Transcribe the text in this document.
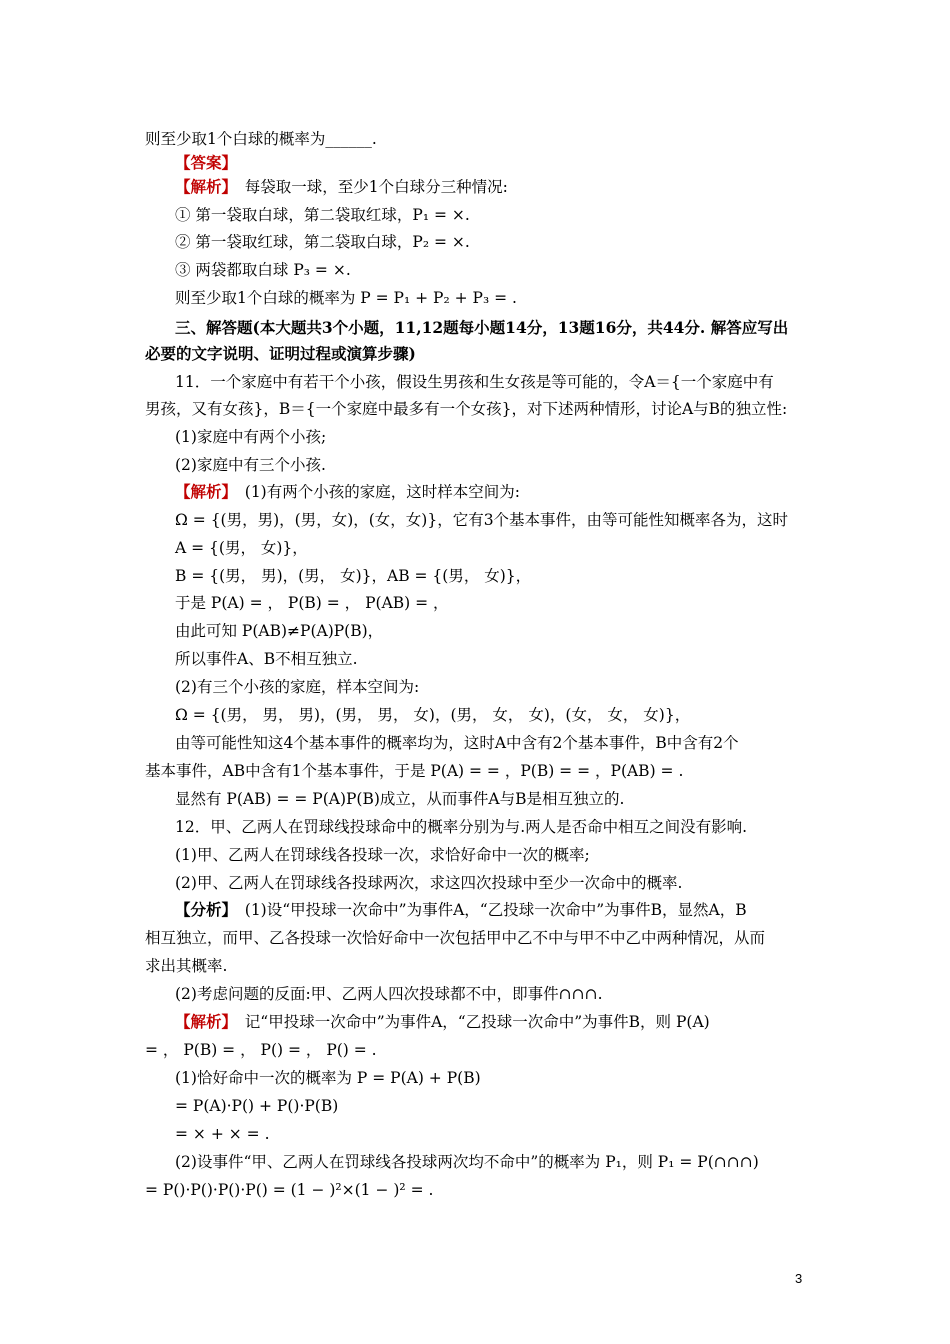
则至少取1个白球的概率为______.
【答案】
【解析】　每袋取一球，至少1个白球分三种情况:
① 第一袋取白球，第二袋取红球，P₁ = ×.
② 第一袋取红球，第二袋取白球，P₂ = ×.
③ 两袋都取白球 P₃ = ×.
则至少取1个白球的概率为 P = P₁ + P₂ + P₃ = .
三、解答题(本大题共3个小题，11,12题每小题14分，13题16分，共44分. 解答应写出
必要的文字说明、证明过程或演算步骤)
11．一个家庭中有若干个小孩，假设生男孩和生女孩是等可能的，令A＝{一个家庭中有
男孩，又有女孩}，B＝{一个家庭中最多有一个女孩}，对下述两种情形，讨论A与B的独立性:
(1)家庭中有两个小孩;
(2)家庭中有三个小孩.
【解析】　(1)有两个小孩的家庭，这时样本空间为:
Ω = {(男，男)，(男，女)，(女，女)}，它有3个基本事件，由等可能性知概率各为，这时
A = {(男， 女)}，
B = {(男， 男)，(男， 女)}，AB = {(男， 女)}，
于是 P(A) = ， P(B) = ， P(AB) = ，
由此可知 P(AB)≠P(A)P(B)，
所以事件A、B不相互独立.
(2)有三个小孩的家庭，样本空间为:
Ω = {(男， 男， 男)，(男， 男， 女)，(男， 女， 女)，(女， 女， 女)}，
由等可能性知这4个基本事件的概率均为，这时A中含有2个基本事件，B中含有2个
基本事件，AB中含有1个基本事件，于是 P(A) = = ，P(B) = = ，P(AB) = .
显然有 P(AB) = = P(A)P(B)成立，从而事件A与B是相互独立的.
12．甲、乙两人在罚球线投球命中的概率分别为与.两人是否命中相互之间没有影响.
(1)甲、乙两人在罚球线各投球一次，求恰好命中一次的概率;
(2)甲、乙两人在罚球线各投球两次，求这四次投球中至少一次命中的概率.
【分析】　(1)设“甲投球一次命中”为事件A，“乙投球一次命中”为事件B，显然A，B
相互独立，而甲、乙各投球一次恰好命中一次包括甲中乙不中与甲不中乙中两种情况，从而
求出其概率.
(2)考虑问题的反面:甲、乙两人四次投球都不中，即事件∩∩∩.
【解析】　记“甲投球一次命中”为事件A，“乙投球一次命中”为事件B，则 P(A)
= ， P(B) = ， P() = ， P() = .
(1)恰好命中一次的概率为 P = P(A) + P(B)
= P(A)·P() + P()·P(B)
= × + × = .
(2)设事件“甲、乙两人在罚球线各投球两次均不命中”的概率为 P₁，则 P₁ = P(∩∩∩)
= P()·P()·P()·P() = (1 − )²×(1 − )² = .
3
